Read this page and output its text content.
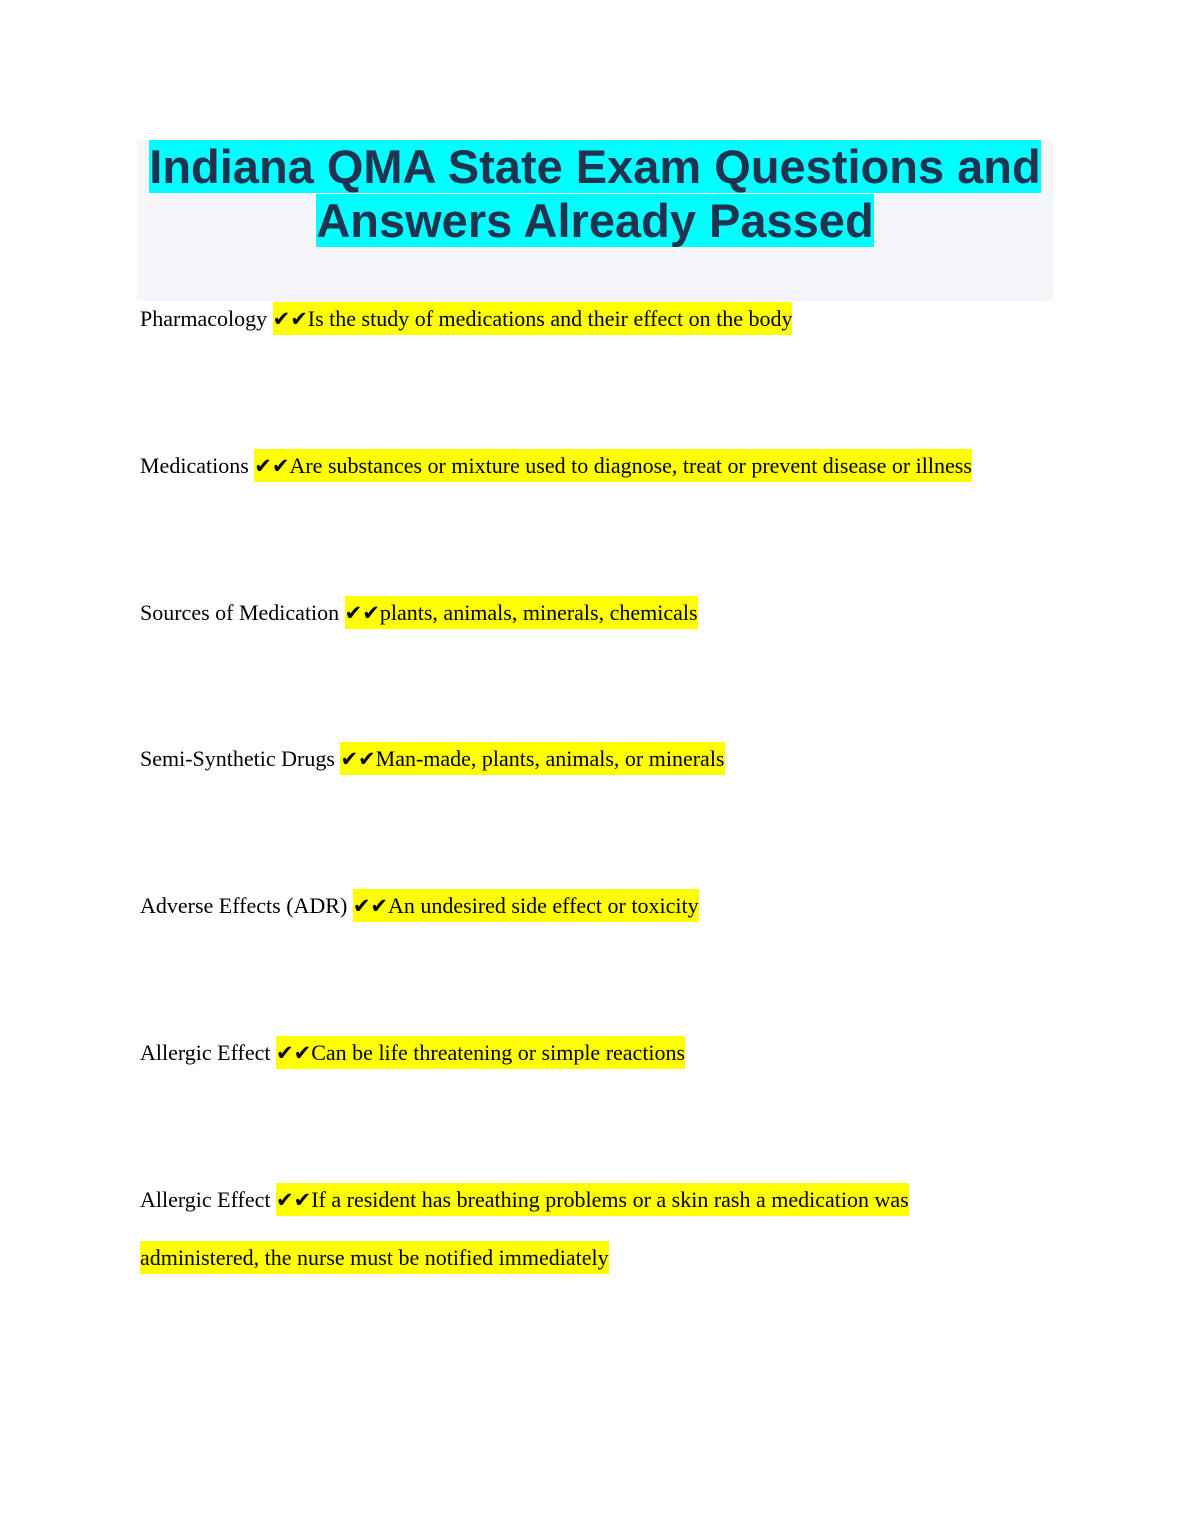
Indiana QMA State Exam Questions and
Answers Already Passed

Pharmacology ✔✔Is the study of medications and their effect on the body

Medications ✔✔Are substances or mixture used to diagnose, treat or prevent disease or illness

Sources of Medication ✔✔plants, animals, minerals, chemicals

Semi-Synthetic Drugs ✔✔Man-made, plants, animals, or minerals

Adverse Effects (ADR) ✔✔An undesired side effect or toxicity

Allergic Effect ✔✔Can be life threatening or simple reactions

Allergic Effect ✔✔If a resident has breathing problems or a skin rash a medication was administered, the nurse must be notified immediately
